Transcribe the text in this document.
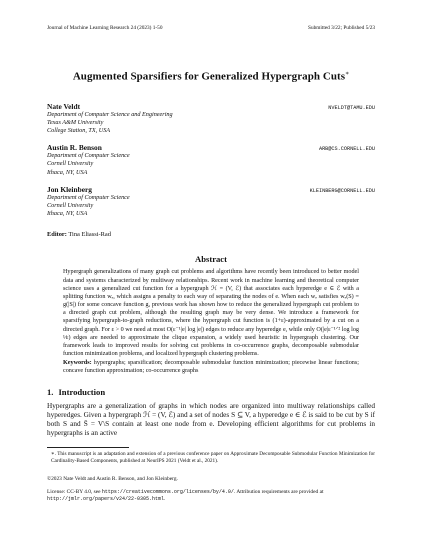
Journal of Machine Learning Research 24 (2023) 1-50	Submitted 3/22; Published 5/23
Augmented Sparsifiers for Generalized Hypergraph Cuts∗
Nate Veldt	NVELDT@TAMU.EDU
Department of Computer Science and Engineering
Texas A&M University
College Station, TX, USA
Austin R. Benson	ARB@CS.CORNELL.EDU
Department of Computer Science
Cornell University
Ithaca, NY, USA
Jon Kleinberg	KLEINBERG@CORNELL.EDU
Department of Computer Science
Cornell University
Ithaca, NY, USA
Editor: Tina Eliassi-Rad
Abstract
Hypergraph generalizations of many graph cut problems and algorithms have recently been introduced to better model data and systems characterized by multiway relationships. Recent work in machine learning and theoretical computer science uses a generalized cut function for a hypergraph ℋ = (V, ℰ) that associates each hyperedge e ∈ ℰ with a splitting function wₑ, which assigns a penalty to each way of separating the nodes of e. When each wₑ satisfies wₑ(S) = g(|S|) for some concave function g, previous work has shown how to reduce the generalized hypergraph cut problem to a directed graph cut problem, although the resulting graph may be very dense. We introduce a framework for sparsifying hypergraph-to-graph reductions, where the hypergraph cut function is (1+ε)-approximated by a cut on a directed graph. For ε > 0 we need at most O(ε⁻¹|e| log |e|) edges to reduce any hyperedge e, while only O(|e|ε⁻¹ᐟ² log log ¹⁄ε) edges are needed to approximate the clique expansion, a widely used heuristic in hypergraph clustering. Our framework leads to improved results for solving cut problems in co-occurrence graphs, decomposable submodular function minimization problems, and localized hypergraph clustering problems.
Keywords: hypergraphs; sparsification; decomposable submodular function minimization; piecewise linear functions; concave function approximation; co-occurrence graphs
1. Introduction
Hypergraphs are a generalization of graphs in which nodes are organized into multiway relationships called hyperedges. Given a hypergraph ℋ = (V, ℰ) and a set of nodes S ⊆ V, a hyperedge e ∈ ℰ is said to be cut by S if both S and S̄ = V\S contain at least one node from e. Developing efficient algorithms for cut problems in hypergraphs is an active
∗. This manuscript is an adaptation and extension of a previous conference paper on Approximate Decomposable Submodular Function Minimization for Cardinality-Based Components, published at NeurIPS 2021 (Veldt et al., 2021).
©2023 Nate Veldt and Austin R. Benson, and Jon Kleinberg.
License: CC-BY 4.0, see https://creativecommons.org/licenses/by/4.0/. Attribution requirements are provided at http://jmlr.org/papers/v24/22-0305.html.
